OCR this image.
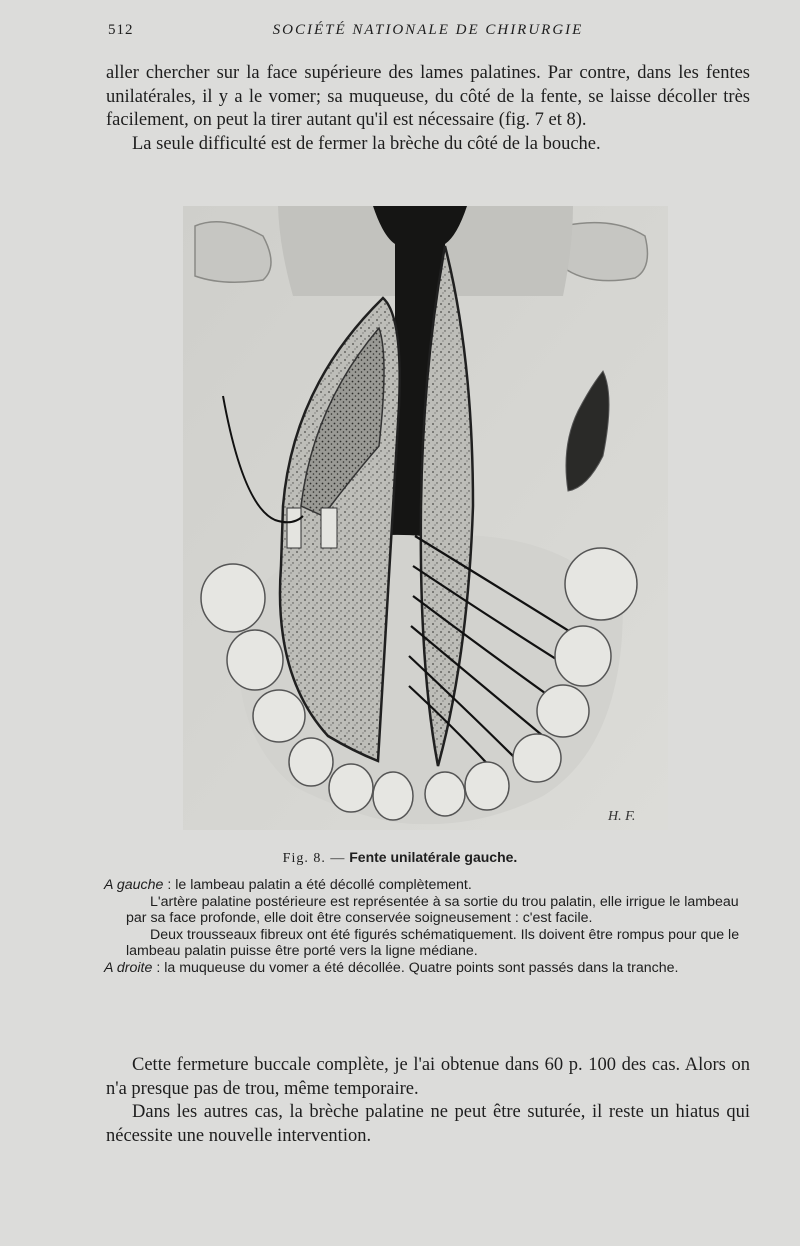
512	SOCIÉTÉ NATIONALE DE CHIRURGIE

aller chercher sur la face supérieure des lames palatines. Par contre, dans les fentes unilatérales, il y a le vomer; sa muqueuse, du côté de la fente, se laisse décoller très facilement, on peut la tirer autant qu'il est nécessaire (fig. 7 et 8).

La seule difficulté est de fermer la brèche du côté de la bouche.

H. F.
Fig. 8. — Fente unilatérale gauche.

A gauche : le lambeau palatin a été décollé complètement.

L'artère palatine postérieure est représentée à sa sortie du trou palatin, elle irrigue le lambeau par sa face profonde, elle doit être conservée soigneusement : c'est facile.

Deux trousseaux fibreux ont été figurés schématiquement. Ils doivent être rompus pour que le lambeau palatin puisse être porté vers la ligne médiane.

A droite : la muqueuse du vomer a été décollée. Quatre points sont passés dans la tranche.

Cette fermeture buccale complète, je l'ai obtenue dans 60 p. 100 des cas. Alors on n'a presque pas de trou, même temporaire.

Dans les autres cas, la brèche palatine ne peut être suturée, il reste un hiatus qui nécessite une nouvelle intervention.
